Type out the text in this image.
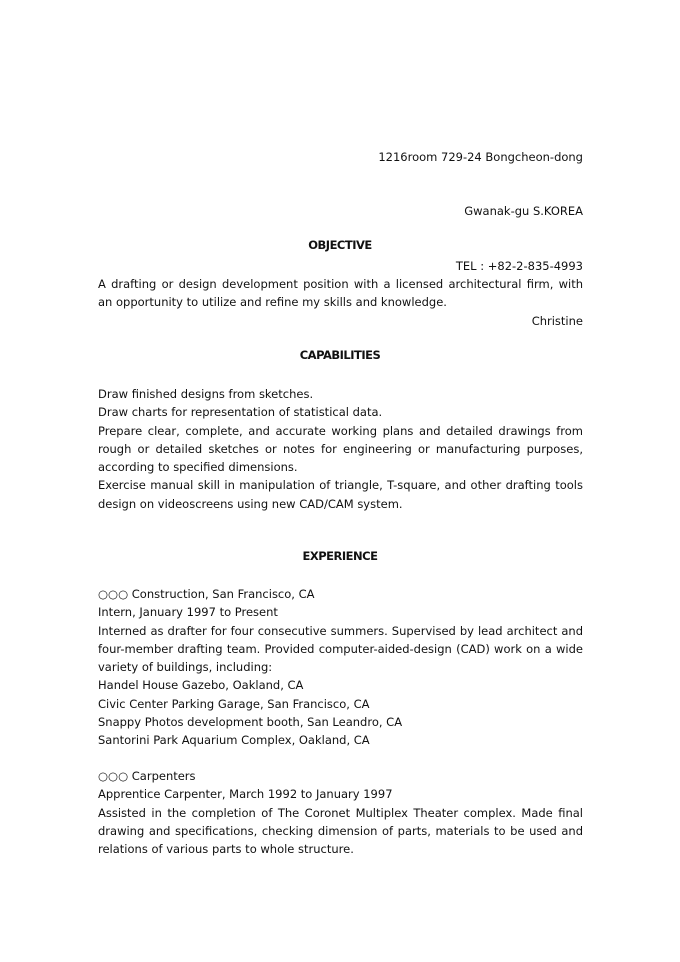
1216room 729-24 Bongcheon-dong

Gwanak-gu S.KOREA

TEL : +82-2-835-4993

Christine

OBJECTIVE

A drafting or design development position with a licensed architectural firm, with an opportunity to utilize and refine my skills and knowledge.

CAPABILITIES

Draw finished designs from sketches.

Draw charts for representation of statistical data.

Prepare clear, complete, and accurate working plans and detailed drawings from rough or detailed sketches or notes for engineering or manufacturing purposes, according to specified dimensions.

Exercise manual skill in manipulation of triangle, T-square, and other drafting tools design on videoscreens using new CAD/CAM system.

EXPERIENCE

○○○ Construction, San Francisco, CA

Intern, January 1997 to Present

Interned as drafter for four consecutive summers. Supervised by lead architect and four-member drafting team. Provided computer-aided-design (CAD) work on a wide variety of buildings, including:

Handel House Gazebo, Oakland, CA

Civic Center Parking Garage, San Francisco, CA

Snappy Photos development booth, San Leandro, CA

Santorini Park Aquarium Complex, Oakland, CA

○○○ Carpenters

Apprentice Carpenter, March 1992 to January 1997

Assisted in the completion of The Coronet Multiplex Theater complex. Made final drawing and specifications, checking dimension of parts, materials to be used and relations of various parts to whole structure.
